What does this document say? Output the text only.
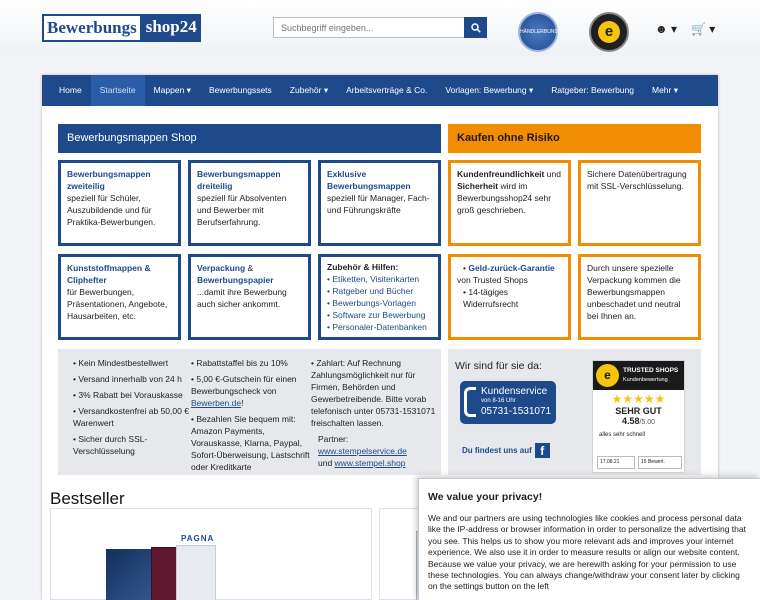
Bewerbungs shop24
Suchbegriff eingeben...	HÄNDLERBUND	e	☻ ▾ 🛒 ▾
Home	Startseite	Mappen ▾	Bewerbungssets	Zubehör ▾	Arbeitsverträge & Co.	Vorlagen: Bewerbung ▾	Ratgeber: Bewerbung	Mehr ▾
Bewerbungsmappen Shop	Kaufen ohne Risiko
Bewerbungsmappen zweiteilig
speziell für Schüler, Auszubildende und für Praktika-Bewerbungen.
Bewerbungsmappen dreiteilig
speziell für Absolventen und Bewerber mit Berufserfahrung.
Exklusive Bewerbungsmappen
speziell für Manager, Fach- und Führungskräfte
Kundenfreundlichkeit und Sicherheit wird im Bewerbungsshop24 sehr groß geschrieben.
Sichere Datenübertragung mit SSL-Verschlüsselung.
Kunststoffmappen & Cliphefter
für Bewerbungen, Präsentationen, Angebote, Hausarbeiten, etc.
Verpackung & Bewerbungspapier
...damit ihre Bewerbung auch sicher ankommt.
Zubehör & Hilfen:
• Etiketten, Visitenkarten
• Ratgeber und Bücher
• Bewerbungs-Vorlagen
• Software zur Bewerbung
• Personaler-Datenbanken
• Geld-zurück-Garantie
von Trusted Shops
• 14-tägiges Widerrufsrecht
Durch unsere spezielle Verpackung kommen die Bewerbungsmappen unbeschadet und neutral bei Ihnen an.
• Kein Mindestbestellwert
• Versand innerhalb von 24 h
• 3% Rabatt bei Vorauskasse
• Versandkostenfrei ab 50,00 € Warenwert
• Sicher durch SSL-Verschlüsselung
• Rabattstaffel bis zu 10%
• 5,00 €-Gutschein für einen Bewerbungscheck von Bewerben.de!
• Bezahlen Sie bequem mit: Amazon Payments, Vorauskasse, Klarna, Paypal, Sofort-Überweisung, Lastschrift oder Kreditkarte
• Zahlart: Auf Rechnung Zahlungsmöglichkeit nur für Firmen, Behörden und Gewerbetreibende. Bitte vorab telefonisch unter 05731-1531071 freischalten lassen.
Partner:
www.stempelservice.de
und www.stempel.shop
Wir sind für sie da:
Kundenservice
von 8-16 Uhr
05731-1531071
Du findest uns auf f
e	TRUSTED SHOPS
Kundenbewertung
★★★★★
SEHR GUT
4.58/5.00
alles sehr schnell
17.08.21	15 Bewert.
Bestseller
PAGNA
We value your privacy!
We and our partners are using technologies like cookies and process personal data like the IP-address or browser information in order to personalize the advertising that you see. This helps us to show you more relevant ads and improves your internet experience. We also use it in order to measure results or align our website content. Because we value your privacy, we are herewith asking for your permission to use these technologies. You can always change/withdraw your consent later by clicking on the settings button on the left
